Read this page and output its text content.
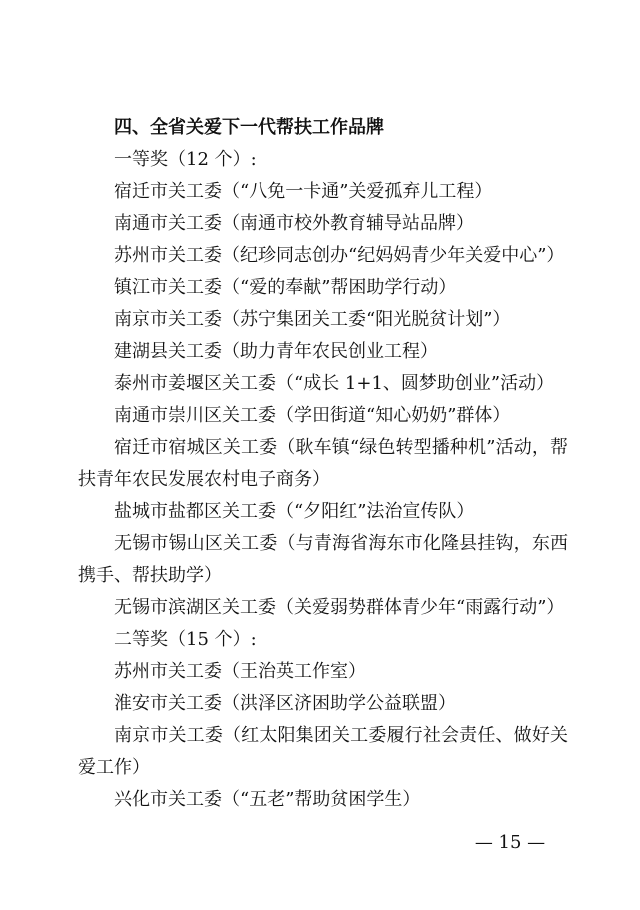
四、全省关爱下一代帮扶工作品牌
一等奖（12 个）:
宿迁市关工委（“八免一卡通”关爱孤弃儿工程）
南通市关工委（南通市校外教育辅导站品牌）
苏州市关工委（纪珍同志创办“纪妈妈青少年关爱中心”）
镇江市关工委（“爱的奉献”帮困助学行动）
南京市关工委（苏宁集团关工委“阳光脱贫计划”）
建湖县关工委（助力青年农民创业工程）
泰州市姜堰区关工委（“成长 1+1、圆梦助创业”活动）
南通市崇川区关工委（学田街道“知心奶奶”群体）
宿迁市宿城区关工委（耿车镇“绿色转型播种机”活动，帮扶青年农民发展农村电子商务）
盐城市盐都区关工委（“夕阳红”法治宣传队）
无锡市锡山区关工委（与青海省海东市化隆县挂钩，东西携手、帮扶助学）
无锡市滨湖区关工委（关爱弱势群体青少年“雨露行动”）
二等奖（15 个）:
苏州市关工委（王治英工作室）
淮安市关工委（洪泽区济困助学公益联盟）
南京市关工委（红太阳集团关工委履行社会责任、做好关爱工作）
兴化市关工委（“五老”帮助贫困学生）
— 15 —
